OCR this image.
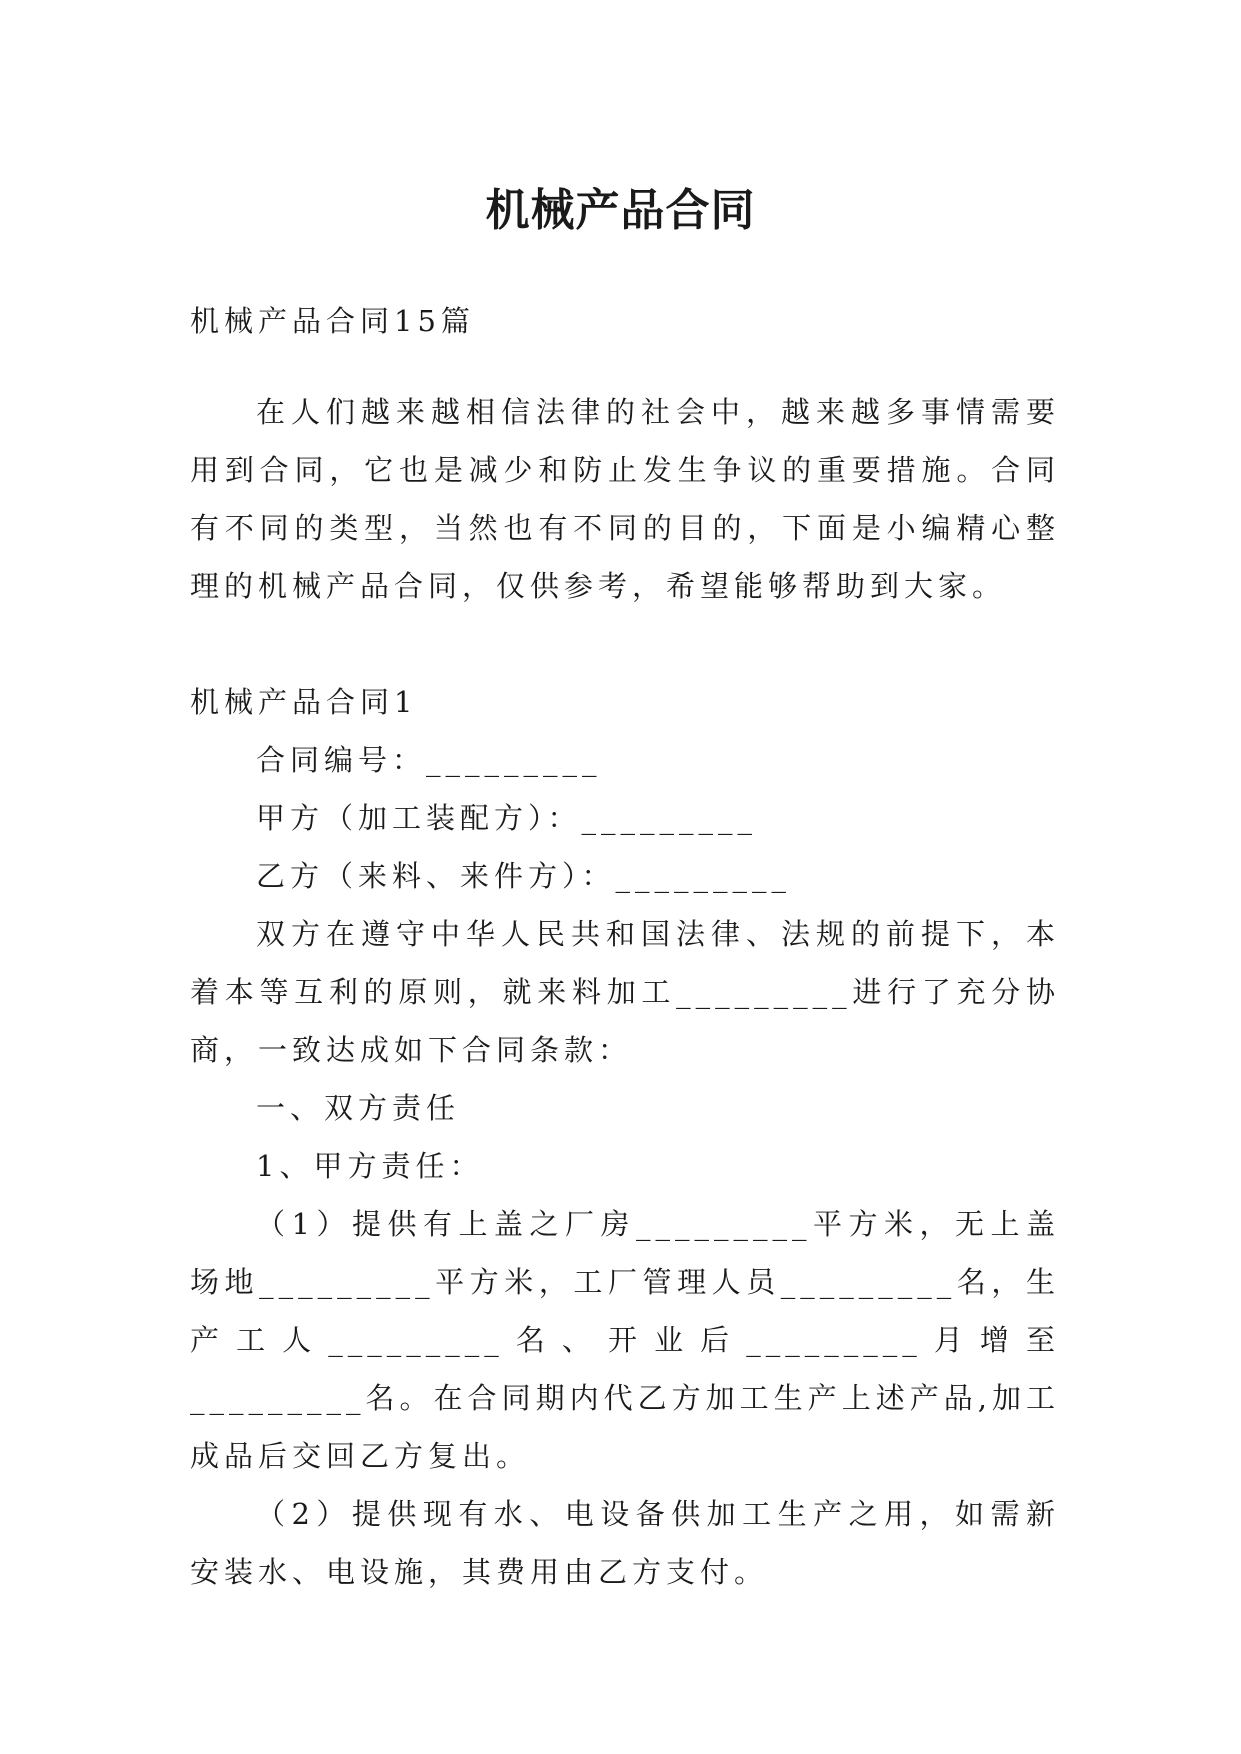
机械产品合同

机械产品合同15篇

在人们越来越相信法律的社会中，越来越多事情需要用到合同，它也是减少和防止发生争议的重要措施。合同有不同的类型，当然也有不同的目的，下面是小编精心整理的机械产品合同，仅供参考，希望能够帮助到大家。

机械产品合同1

合同编号：_________

甲方（加工装配方）：_________

乙方（来料、来件方）：_________

双方在遵守中华人民共和国法律、法规的前提下，本着本等互利的原则，就来料加工_________进行了充分协商，一致达成如下合同条款：

一、双方责任

1、甲方责任：

（1）提供有上盖之厂房_________平方米，无上盖场地_________平方米，工厂管理人员_________名，生产工人_________名、开业后_________月增至_________名。在合同期内代乙方加工生产上述产品,加工成品后交回乙方复出。

（2）提供现有水、电设备供加工生产之用，如需新安装水、电设施，其费用由乙方支付。
